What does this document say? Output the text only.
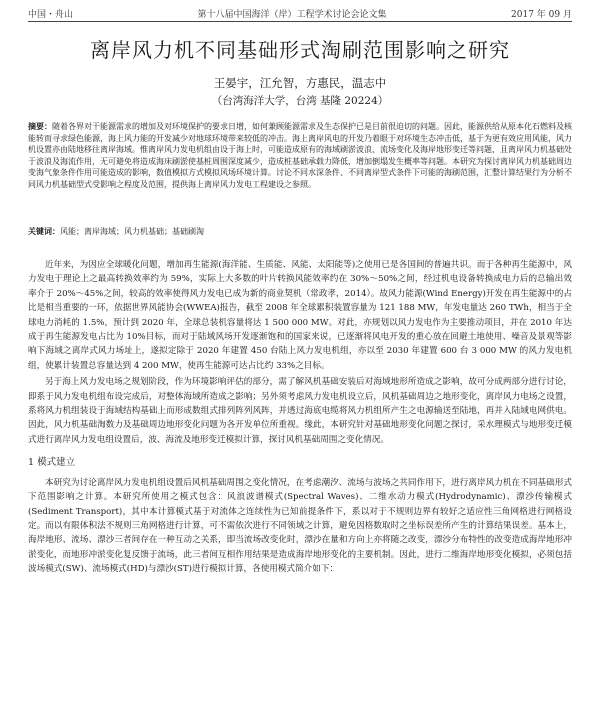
中国・舟山	第十八届中国海洋（岸）工程学术讨论会论文集	2017 年 09 月
离岸风力机不同基础形式淘刷范围影响之研究
王晏宇，江允智，方惠民，温志中
（台湾海洋大学，台湾 基隆 20224）

摘要：随着各界对干能源需求的增加及对环境保护的要求日增，如何兼顾能源需求及生态保护已是目前很迫切的问题。因此，能源供给从原本化石燃料及核能转而寻求绿色能源，海上风力能的开发减少对地球环境带来较低的冲击。海上离岸风电的开发乃着眼于对环境生态冲击低，基于为更有效应用风能，风力机设置亦由陆地移往离岸海域。惟离岸风力发电机组由设于海上时，可能造成原有的海域刷淤波浪、流场变化及海岸地形变迁等问题，且离岸风力机基础处于波浪及海流作用，无可避免将造成海床刷淤使基桩周围深度减少，造成桩基础承载力降低，增加倒塌发生概率等问题。本研究为探讨离岸风力机基础周边变海气象条件作用可能造成的影响，数值模拟方式模拟风场环境计算。讨论不同水深条件、不同离岸型式条件下可能的海刷范围，汇整计算结果行为分析不同风力机基础型式受影响之程度及范围，提供海上离岸风力发电工程建设之参照。

关键词：风能；离岸海域；风力机基础；基础刷淘

近年来，为因应全球暖化问题，增加再生能源(海洋能、生质能、风能、太阳能等)之使用已是各国间的普遍共识。而于各种再生能源中，风力发电于理论上之最高转换效率约为 59%，实际上大多数的叶片转换风能效率约在 30%～50%之间，经过机电设备转换成电力后的总输出效率介于 20%～45%之间，较高的效率使得风力发电已成为新的商业契机（常政孝，2014）。故风力能源(Wind Energy)开发在再生能源中的占比是相当重要的一环，依据世界风能协会(WWEA)报告，截至 2008 年全球累积装置容量为 121 188 MW，年发电量达 260 TWh，相当于全球电力消耗的 1.5%，预计到 2020 年，全球总装机容量将达 1 500 000 MW。对此，亦规划以风力发电作为主要推动项目，并在 2010 年达成于再生能源发电占比为 10%目标，而对于陆域风场开发逐渐饱和的国家来说，已逐渐将风电开发的重心放在回避土地使用、噪音及景观等影响下海域之离岸式风力场址上，遂拟定除于 2020 年建置 450 台陆上风力发电机组，亦以至 2030 年建置 600 台 3 000 MW 的风力发电机组，使累计装置总容量达到 4 200 MW，使再生能源可达占比约 33%之目标。

另于海上风力发电场之规划阶段，作为环境影响评估的部分，需了解风机基础安装后对海域地形所造成之影响，故可分成两部分进行讨论，即系于风力发电机组布设完成后，对整体海域所造成之影响；另外须考虑风力发电机设立后，风机基础周边之地形变化，离岸风力电场之设置，系将风力机组装设于海域结构基础上而形成数组式排列阵列风阵，并透过海底电缆将风力机组所产生之电源输送至陆地，再并入陆域电网供电。因此，风力机基础淘数力及基础周边地形变化问题为各开发单位所重视。缘此，本研究针对基础地形变化问题之探讨，采水理模式与地形变迁模式进行离岸风力发电组设置后，波、海流及地形变迁模拟计算，探讨风机基础周围之变化情况。

1 模式建立

本研究为讨论离岸风力发电机组设置后风机基础周围之变化情况，在考虑潮汐、流场与波场之共同作用下，进行离岸风力机在不同基础形式下范围影响之计算。本研究所使用之模式包含：风浪波谱模式(Spectral Waves)、二维水动力模式(Hydrodynamic)、漂沙传输模式(Sediment Transport)，其中本计算模式基于对流体之连续性为已知前提条件下，系以对于不规则边界有较好之适应性三角网格进行网格设定。而以有限体积法不规则三角网格进行计算，可不需依次进行不同领域之计算，避免因格数取时之坐标误差所产生的计算结果误差。基本上，海岸地形、流场、漂沙三者间存在一种互动之关系，即当流场改变化时，漂沙在量和方向上亦将随之改变，漂沙分布特性的改变造成海岸地形冲淤变化，而地形冲淤变化复反馈于流场，此三者间互相作用结果是造成海岸地形变化的主要机制。因此，进行二维海岸地形变化模拟，必须包括波场模式(SW)、流场模式(HD)与漂沙(ST)进行模拟计算，各使用模式简介如下：
